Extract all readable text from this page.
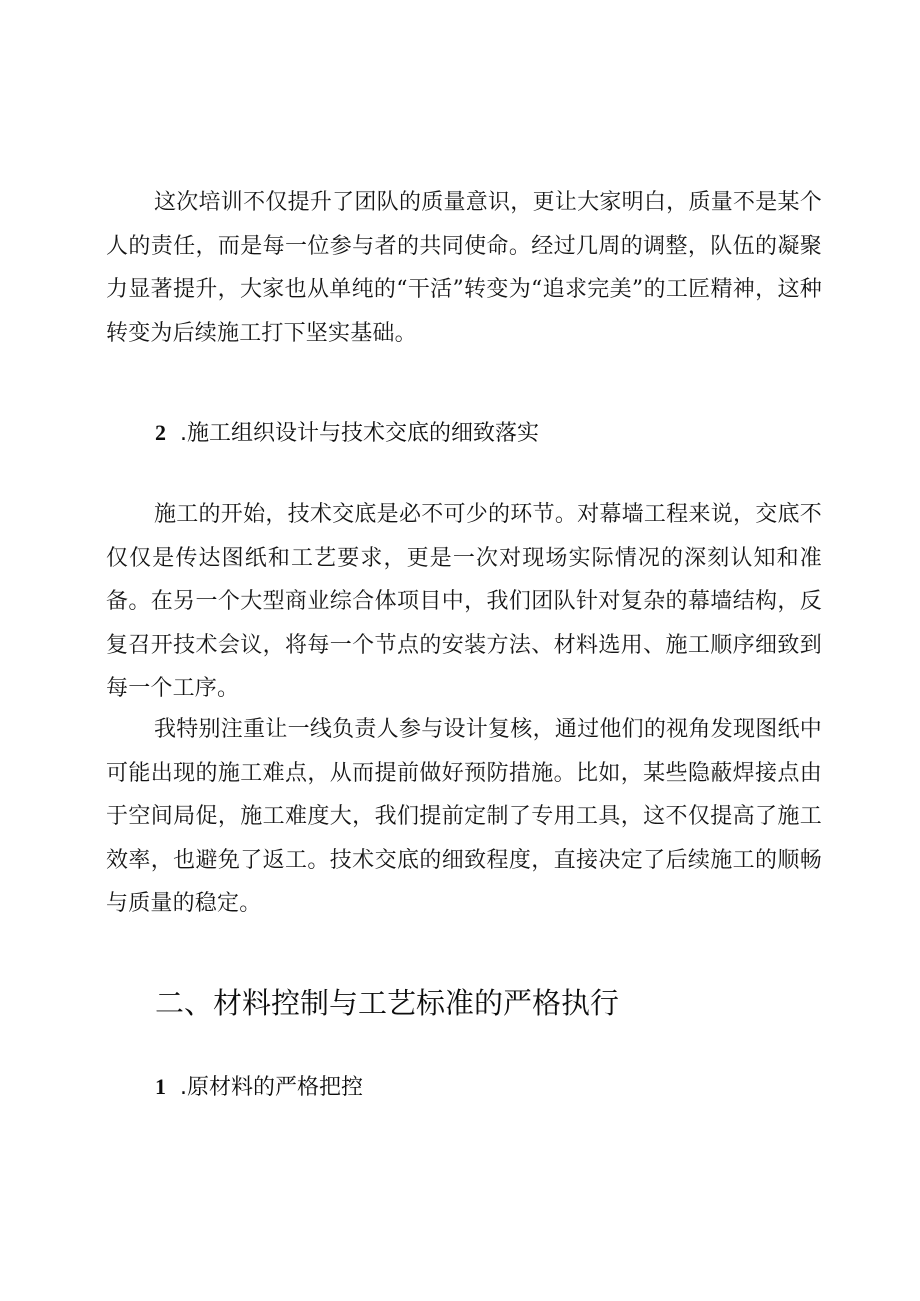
这次培训不仅提升了团队的质量意识，更让大家明白，质量不是某个人的责任，而是每一位参与者的共同使命。经过几周的调整，队伍的凝聚力显著提升，大家也从单纯的“干活”转变为“追求完美”的工匠精神，这种转变为后续施工打下坚实基础。

2 .施工组织设计与技术交底的细致落实

施工的开始，技术交底是必不可少的环节。对幕墙工程来说，交底不仅仅是传达图纸和工艺要求，更是一次对现场实际情况的深刻认知和准备。在另一个大型商业综合体项目中，我们团队针对复杂的幕墙结构，反复召开技术会议，将每一个节点的安装方法、材料选用、施工顺序细致到每一个工序。

我特别注重让一线负责人参与设计复核，通过他们的视角发现图纸中可能出现的施工难点，从而提前做好预防措施。比如，某些隐蔽焊接点由于空间局促，施工难度大，我们提前定制了专用工具，这不仅提高了施工效率，也避免了返工。技术交底的细致程度，直接决定了后续施工的顺畅与质量的稳定。

二、材料控制与工艺标准的严格执行
1 .原材料的严格把控
